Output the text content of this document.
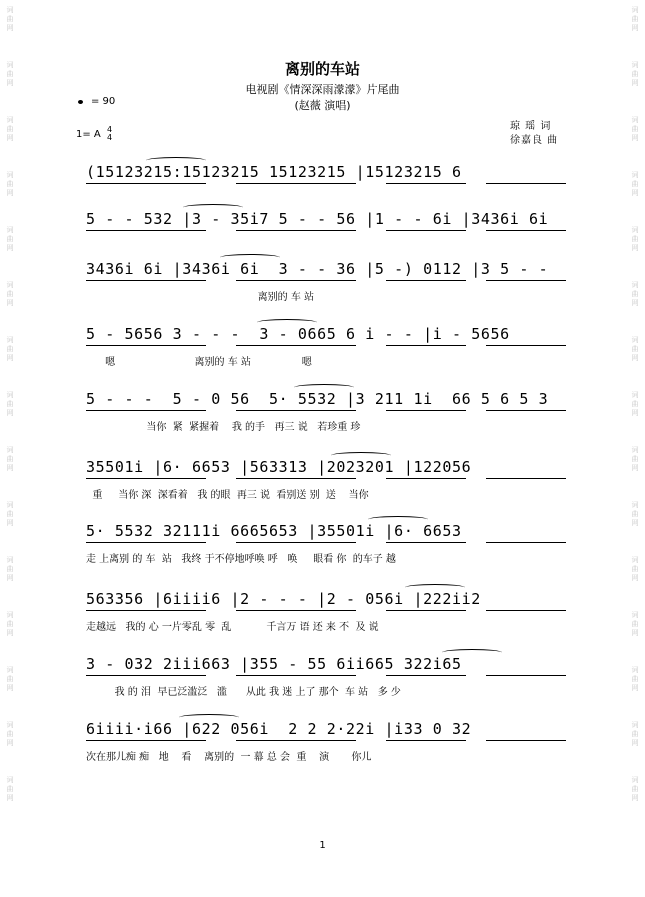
词
曲
网
词
曲
网
词
曲
网
词
曲
网
词
曲
网
词
曲
网
词
曲
网
词
曲
网
词
曲
网
词
曲
网
词
曲
网
词
曲
网
词
曲
网
词
曲
网
词
曲
网
词
曲
网
词
曲
网
词
曲
网
词
曲
网
词
曲
网
词
曲
网
词
曲
网
词
曲
网
词
曲
网
词
曲
网
词
曲
网
词
曲
网
词
曲
网
词
曲
网
词
曲
网
离别的车站
电视剧《情深深雨濛濛》片尾曲
(赵薇 演唱)
= 90
1= A 4
4
琼 瑶 词
徐嘉良 曲
(15123215:15123215 15123215 |15123215 6
5 - - 532 |3 - 35i7 5 - - 56 |1 - - 6i |3436i 6i
3436i 6i |3436i 6i  3 - - 36 |5 -) 0112 |3 5 - -
离别的 车 站
5 - 5656 3 - - -  3 - 0665 6 i - - |i - 5656
嗯                         离别的 车 站                嗯
5 - - -  5 - 0 56  5· 5532 |3 211 1i  66 5 6 5 3
当你  紧  紧握着    我 的手   再三 说   若珍重 珍
35501i |6· 6653 |563313 |2023201 |122056
重     当你 深  深看着   我 的眼  再三 说  看别送 别  送    当你
5· 5532 32111i 6665653 |35501i |6· 6653
走 上离别 的 车  站   我终 于不停地呼唤 呼   唤     眼看 你  的车子 越
563356 |6iiii6 |2 - - - |2 - 056i |222ii2
走越远   我的 心 一片零乱 零  乱           千言万 语 还 来 不  及 说
3 - 032 2iii663 |355 - 55 6ii665 322i65
我 的 泪  早已泛滥泛   滥      从此 我 迷 上了 那个  车 站   多 少
6iiii·i66 |622 056i  2 2 2·22i |i33 0 32
次在那儿痴 痴   地    看    离别的  一 幕 总 会  重    演       你儿
1
